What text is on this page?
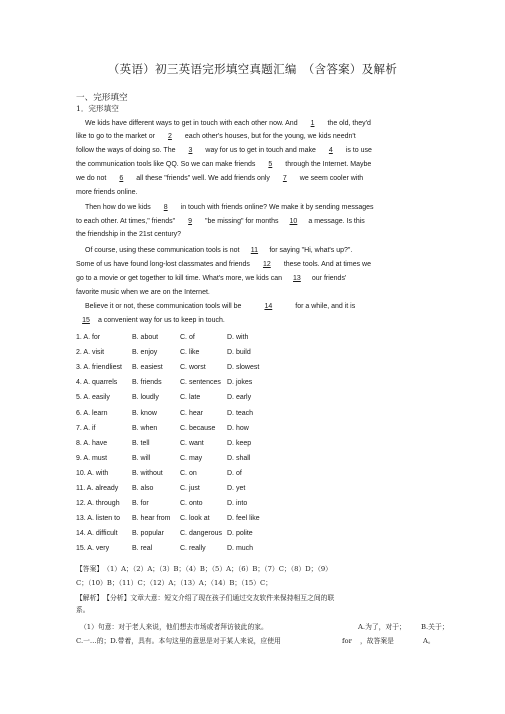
（英语）初三英语完形填空真题汇编　（含答案）及解析
一、完形填空
1．完形填空
We kids have different ways to get in touch with each other now. And 1 the old, they'd
like to go to the market or 2 each other's houses, but for the young, we kids needn't
follow the ways of doing so. The 3 way for us to get in touch and make 4 is to use
the communication tools like QQ. So we can make friends 5 through the Internet. Maybe
we do not 6 all these "friends" well. We add friends only 7 we seem cooler with
more friends online.
Then how do we kids 8 in touch with friends online? We make it by sending messages
to each other. At times," friends" 9 "be missing" for months 10 a message. Is this
the friendship in the 21st century?
Of course, using these communication tools is not 11 for saying "Hi, what's up?".
Some of us have found long-lost classmates and friends 12 these tools. And at times we
go to a movie or get together to kill time. What's more, we kids can 13 our friends'
favorite music when we are on the Internet.
Believe it or not, these communication tools will be	14	for a while, and it is
15 a convenient way for us to keep in touch.
1. A. for	B. about	C. of	D. with
2. A. visit	B. enjoy	C. like	D. build
3. A. friendliest B. easiest C. worst	D. slowest
4. A. quarrels B. friends	C. sentences D. jokes
5. A. easily	B. loudly	C. late	D. early
6. A. learn	B. know	C. hear	D. teach
7. A. if	B. when	C. because D. how
8. A. have	B. tell	C. want	D. keep
9. A. must	B. will	C. may	D. shall
10. A. with	B. without C. on	D. of
11. A. already B. also	C. just	D. yet
12. A. through B. for	C. onto	D. into
13. A. listen to B. hear from C. look at D. feel like
14. A. difficult B. popular C. dangerous D. polite
15. A. very	B. real	C. really	D. much
【答案】　（1）A；（2）A；（3）B；（4）B；（5）A；（6）B；（7）C；（8）D；（9）
C；（10）B；（11）C；（12）A；（13）A；（14）B；（15）C；
【解析】　【分析】文章大意：短文介绍了现在孩子们通过交友软件来保持相互之间的联
系。
（1）句意：对于老人来说，他们想去市场或者拜访彼此的家。	A.为了，对于； B.关于；
C.一…的；D.带着，具有。本句这里的意思是对于某人来说，应使用	for ，故答案是	A。
